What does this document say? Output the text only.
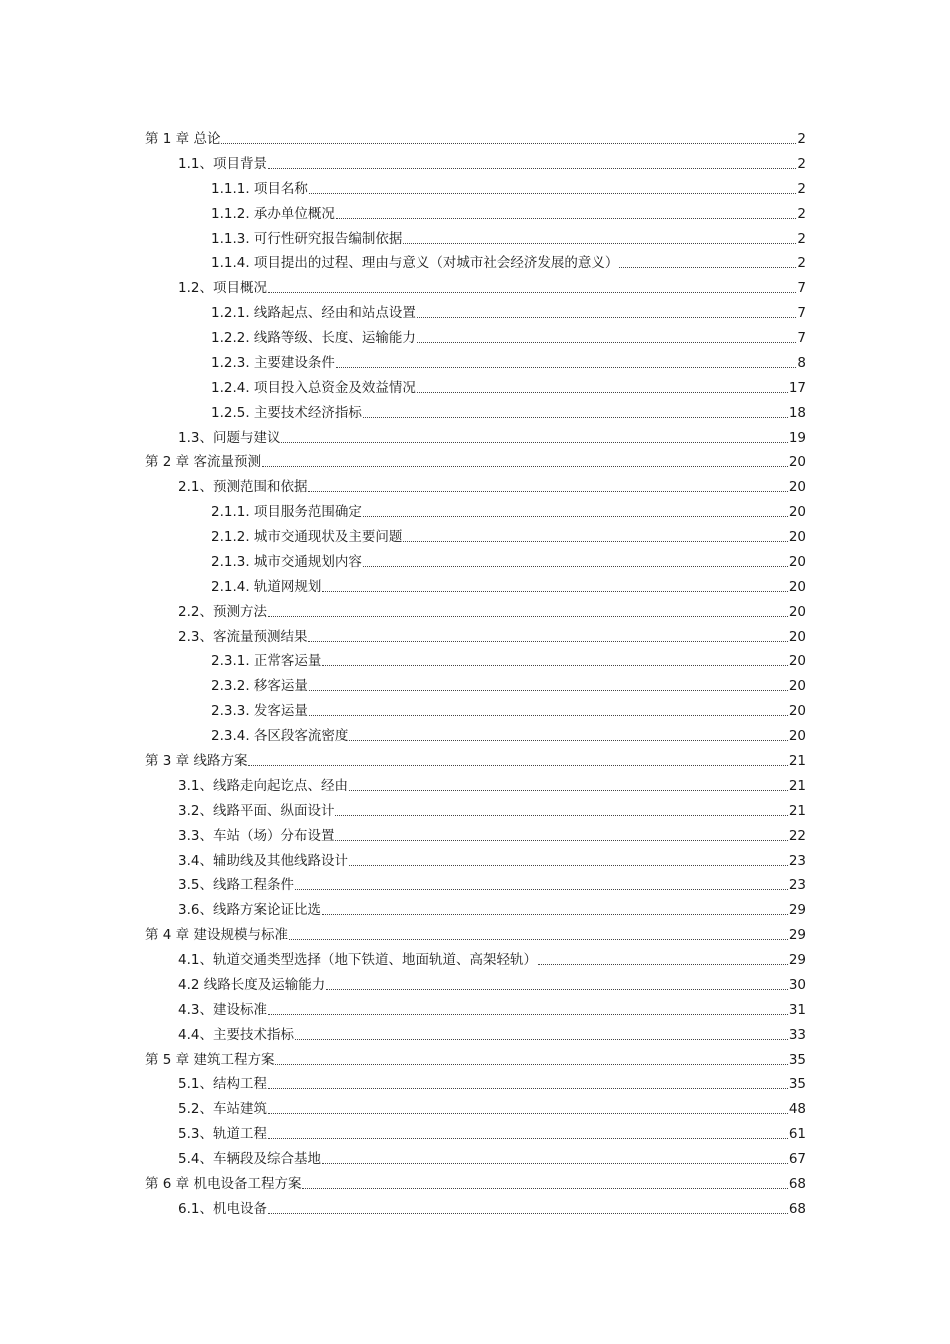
第 1 章 总论	2
1.1、项目背景	2
1.1.1. 项目名称	2
1.1.2. 承办单位概况	2
1.1.3. 可行性研究报告编制依据	2
1.1.4. 项目提出的过程、理由与意义（对城市社会经济发展的意义）	2
1.2、项目概况	7
1.2.1. 线路起点、经由和站点设置	7
1.2.2. 线路等级、长度、运输能力	7
1.2.3. 主要建设条件	8
1.2.4. 项目投入总资金及效益情况	17
1.2.5. 主要技术经济指标	18
1.3、问题与建议	19
第 2 章 客流量预测	20
2.1、预测范围和依据	20
2.1.1. 项目服务范围确定	20
2.1.2. 城市交通现状及主要问题	20
2.1.3. 城市交通规划内容	20
2.1.4. 轨道网规划	20
2.2、预测方法	20
2.3、客流量预测结果	20
2.3.1. 正常客运量	20
2.3.2. 移客运量	20
2.3.3. 发客运量	20
2.3.4. 各区段客流密度	20
第 3 章 线路方案	21
3.1、线路走向起讫点、经由	21
3.2、线路平面、纵面设计	21
3.3、车站（场）分布设置	22
3.4、辅助线及其他线路设计	23
3.5、线路工程条件	23
3.6、线路方案论证比选	29
第 4 章 建设规模与标准	29
4.1、轨道交通类型选择（地下铁道、地面轨道、高架轻轨）	29
4.2 线路长度及运输能力	30
4.3、建设标准	31
4.4、主要技术指标	33
第 5 章 建筑工程方案	35
5.1、结构工程	35
5.2、车站建筑	48
5.3、轨道工程	61
5.4、车辆段及综合基地	67
第 6 章 机电设备工程方案	68
6.1、机电设备	68
